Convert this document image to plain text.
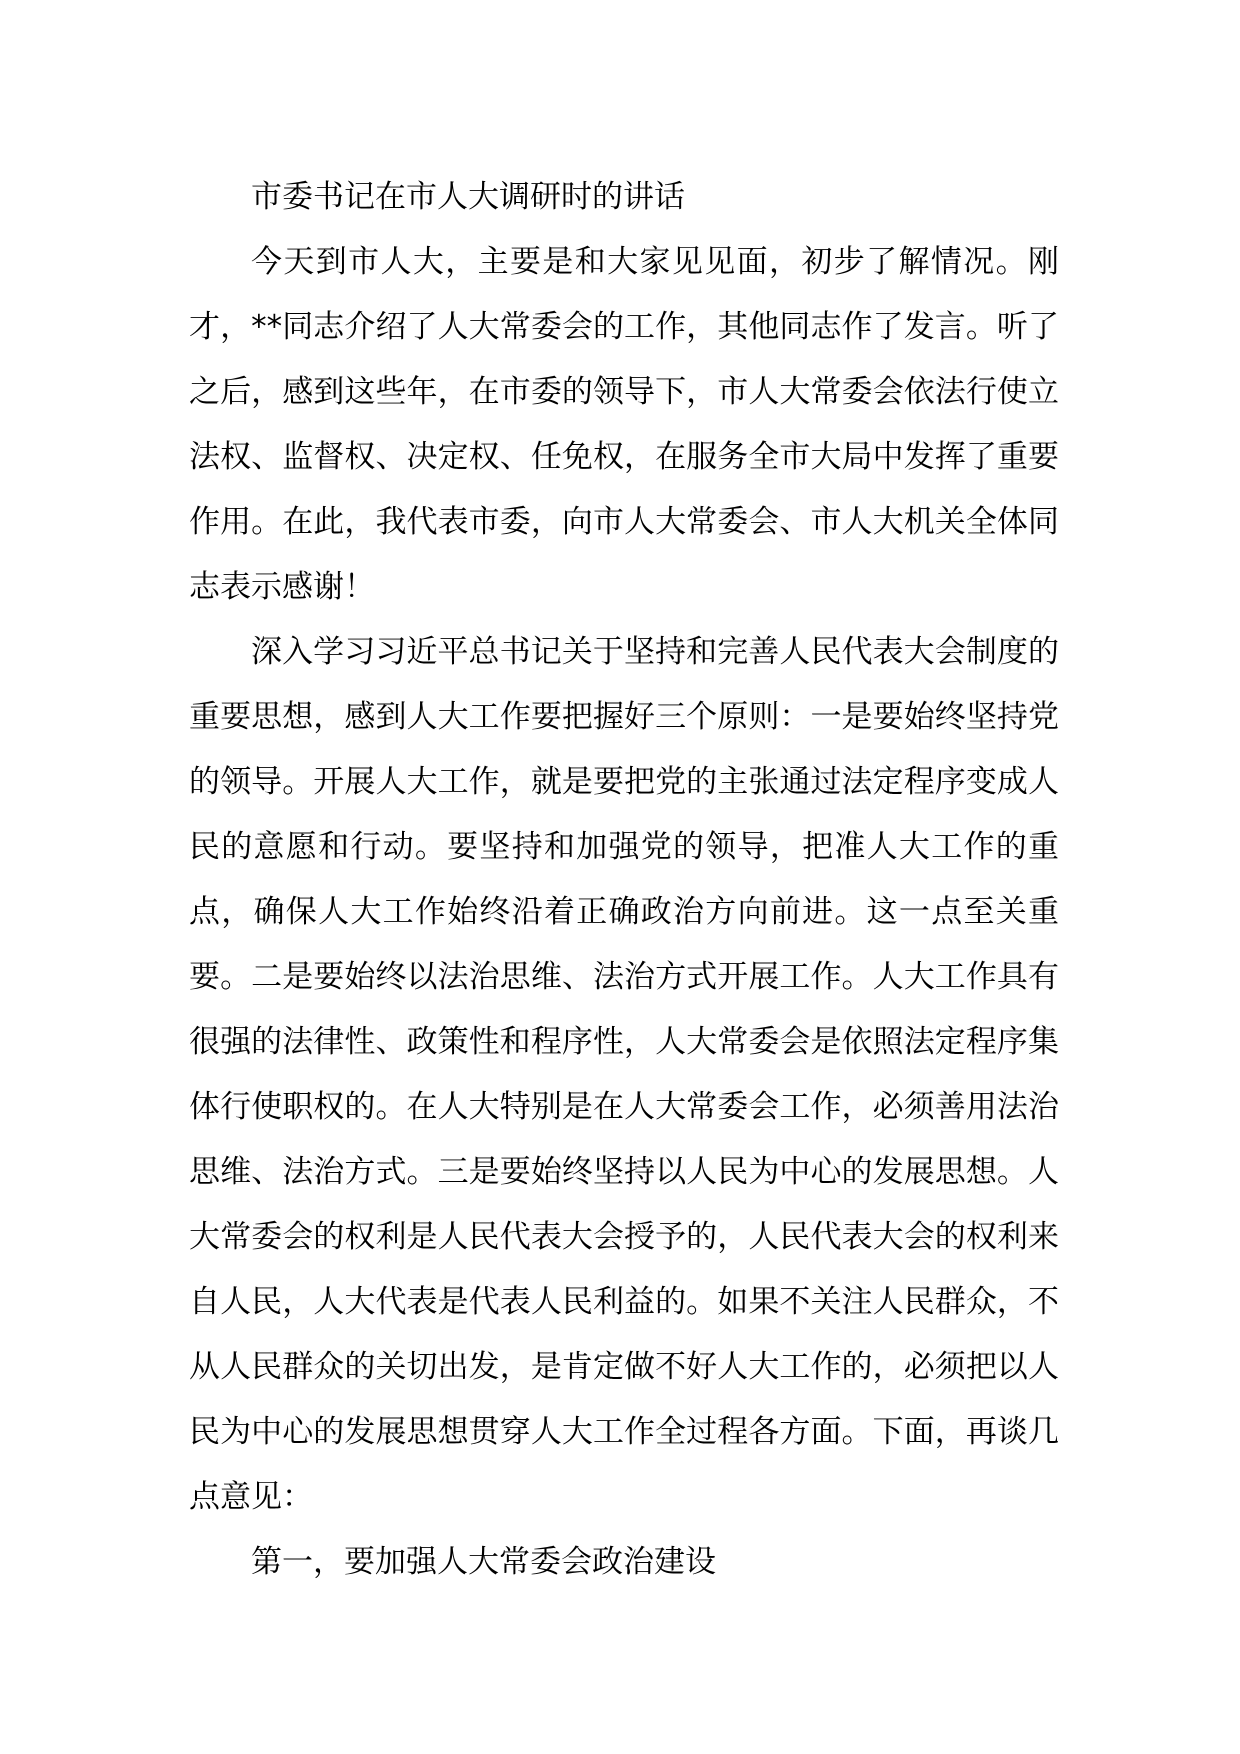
市委书记在市人大调研时的讲话

今天到市人大，主要是和大家见见面，初步了解情况。刚才，**同志介绍了人大常委会的工作，其他同志作了发言。听了之后，感到这些年，在市委的领导下，市人大常委会依法行使立法权、监督权、决定权、任免权，在服务全市大局中发挥了重要作用。在此，我代表市委，向市人大常委会、市人大机关全体同志表示感谢！

深入学习习近平总书记关于坚持和完善人民代表大会制度的重要思想，感到人大工作要把握好三个原则：一是要始终坚持党的领导。开展人大工作，就是要把党的主张通过法定程序变成人民的意愿和行动。要坚持和加强党的领导，把准人大工作的重点，确保人大工作始终沿着正确政治方向前进。这一点至关重要。二是要始终以法治思维、法治方式开展工作。人大工作具有很强的法律性、政策性和程序性，人大常委会是依照法定程序集体行使职权的。在人大特别是在人大常委会工作，必须善用法治思维、法治方式。三是要始终坚持以人民为中心的发展思想。人大常委会的权利是人民代表大会授予的，人民代表大会的权利来自人民，人大代表是代表人民利益的。如果不关注人民群众，不从人民群众的关切出发，是肯定做不好人大工作的，必须把以人民为中心的发展思想贯穿人大工作全过程各方面。下面，再谈几点意见：

第一，要加强人大常委会政治建设
